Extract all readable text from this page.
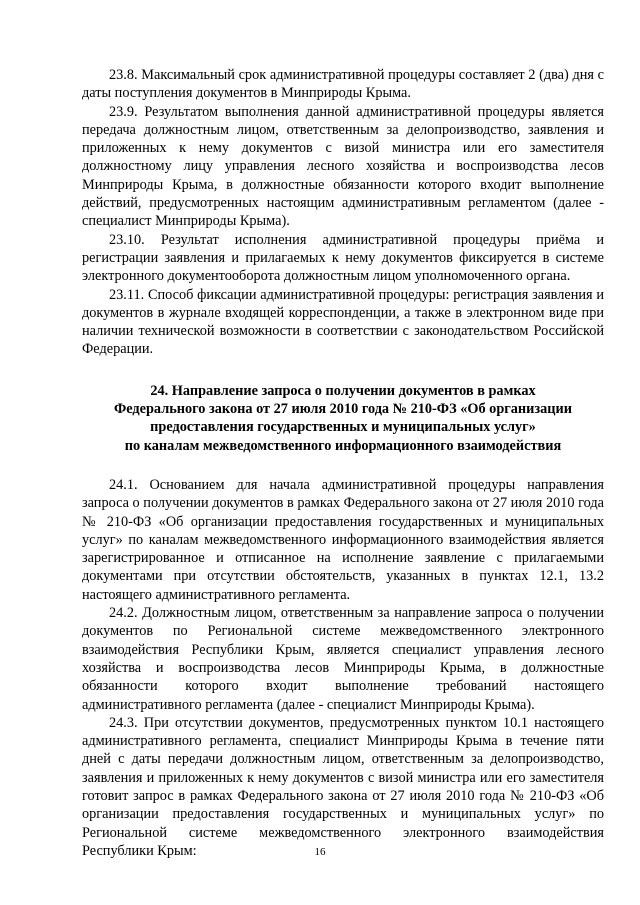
23.8. Максимальный срок административной процедуры составляет 2 (два) дня с даты поступления документов в Минприроды Крыма.

23.9. Результатом выполнения данной административной процедуры является передача должностным лицом, ответственным за делопроизводство, заявления и приложенных к нему документов с визой министра или его заместителя должностному лицу управления лесного хозяйства и воспроизводства лесов Минприроды Крыма, в должностные обязанности которого входит выполнение действий, предусмотренных настоящим административным регламентом (далее - специалист Минприроды Крыма).

23.10. Результат исполнения административной процедуры приёма и регистрации заявления и прилагаемых к нему документов фиксируется в системе электронного документооборота должностным лицом уполномоченного органа.

23.11. Способ фиксации административной процедуры: регистрация заявления и документов в журнале входящей корреспонденции, а также в электронном виде при наличии технической возможности в соответствии с законодательством Российской Федерации.

24. Направление запроса о получении документов в рамках
Федерального закона от 27 июля 2010 года № 210-ФЗ «Об организации
предоставления государственных и муниципальных услуг»
по каналам межведомственного информационного взаимодействия

24.1. Основанием для начала административной процедуры направления запроса о получении документов в рамках Федерального закона от 27 июля 2010 года № 210-ФЗ «Об организации предоставления государственных и муниципальных услуг» по каналам межведомственного информационного взаимодействия является зарегистрированное и отписанное на исполнение заявление с прилагаемыми документами при отсутствии обстоятельств, указанных в пунктах 12.1, 13.2 настоящего административного регламента.

24.2. Должностным лицом, ответственным за направление запроса о получении документов по Региональной системе межведомственного электронного взаимодействия Республики Крым, является специалист управления лесного хозяйства и воспроизводства лесов Минприроды Крыма, в должностные обязанности которого входит выполнение требований настоящего административного регламента (далее - специалист Минприроды Крыма).

24.3. При отсутствии документов, предусмотренных пунктом 10.1 настоящего административного регламента, специалист Минприроды Крыма в течение пяти дней с даты передачи должностным лицом, ответственным за делопроизводство, заявления и приложенных к нему документов с визой министра или его заместителя готовит запрос в рамках Федерального закона от 27 июля 2010 года № 210-ФЗ «Об организации предоставления государственных и муниципальных услуг» по Региональной системе межведомственного электронного взаимодействия Республики Крым:	16
